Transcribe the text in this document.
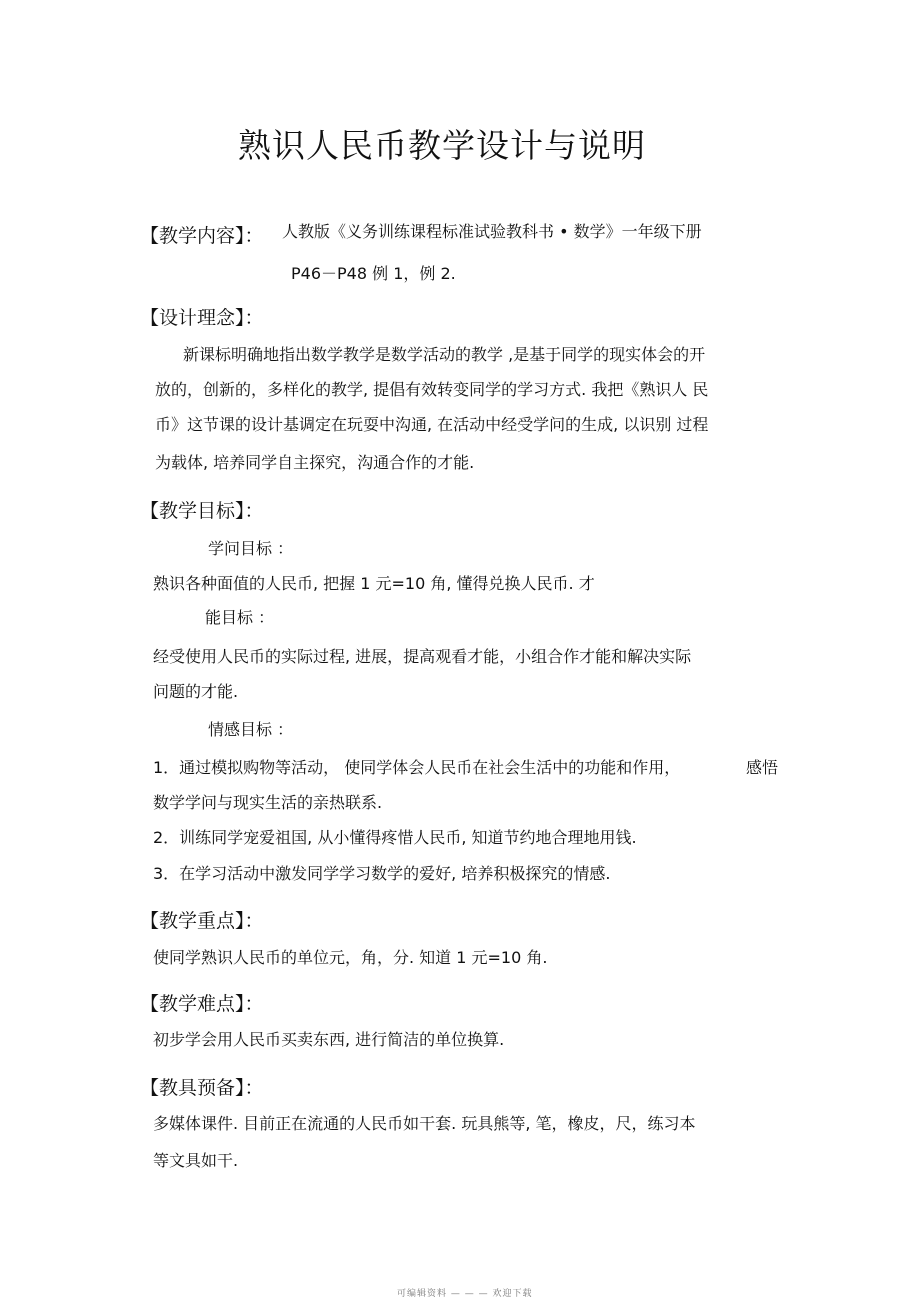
熟识人民币教学设计与说明
【教学内容】： 人教版《义务训练课程标准试验教科书 • 数学》一年级下册
P46－P48 例 1，例 2.
【设计理念】：
新课标明确地指出数学教学是数学活动的教学 ,是基于同学的现实体会的开
放的，创新的，多样化的教学, 提倡有效转变同学的学习方式. 我把《熟识人 民
币》这节课的设计基调定在玩耍中沟通, 在活动中经受学问的生成, 以识别 过程
为载体, 培养同学自主探究，沟通合作的才能.
【教学目标】：
学问目标 ：
熟识各种面值的人民币, 把握 1 元=10 角, 懂得兑换人民币. 才
能目标 ：
经受使用人民币的实际过程, 进展，提高观看才能，小组合作才能和解决实际
问题的才能.
情感目标 ：
1．通过模拟购物等活动， 使同学体会人民币在社会生活中的功能和作用，	感悟
数学学问与现实生活的亲热联系.
2．训练同学宠爱祖国, 从小懂得疼惜人民币, 知道节约地合理地用钱.
3．在学习活动中激发同学学习数学的爱好, 培养积极探究的情感.
【教学重点】：
使同学熟识人民币的单位元，角，分. 知道 1 元=10 角.
【教学难点】：
初步学会用人民币买卖东西, 进行简洁的单位换算.
【教具预备】：
多媒体课件. 目前正在流通的人民币如干套. 玩具熊等, 笔，橡皮，尺，练习本
等文具如干.
可编辑资料 — — — 欢迎下载
